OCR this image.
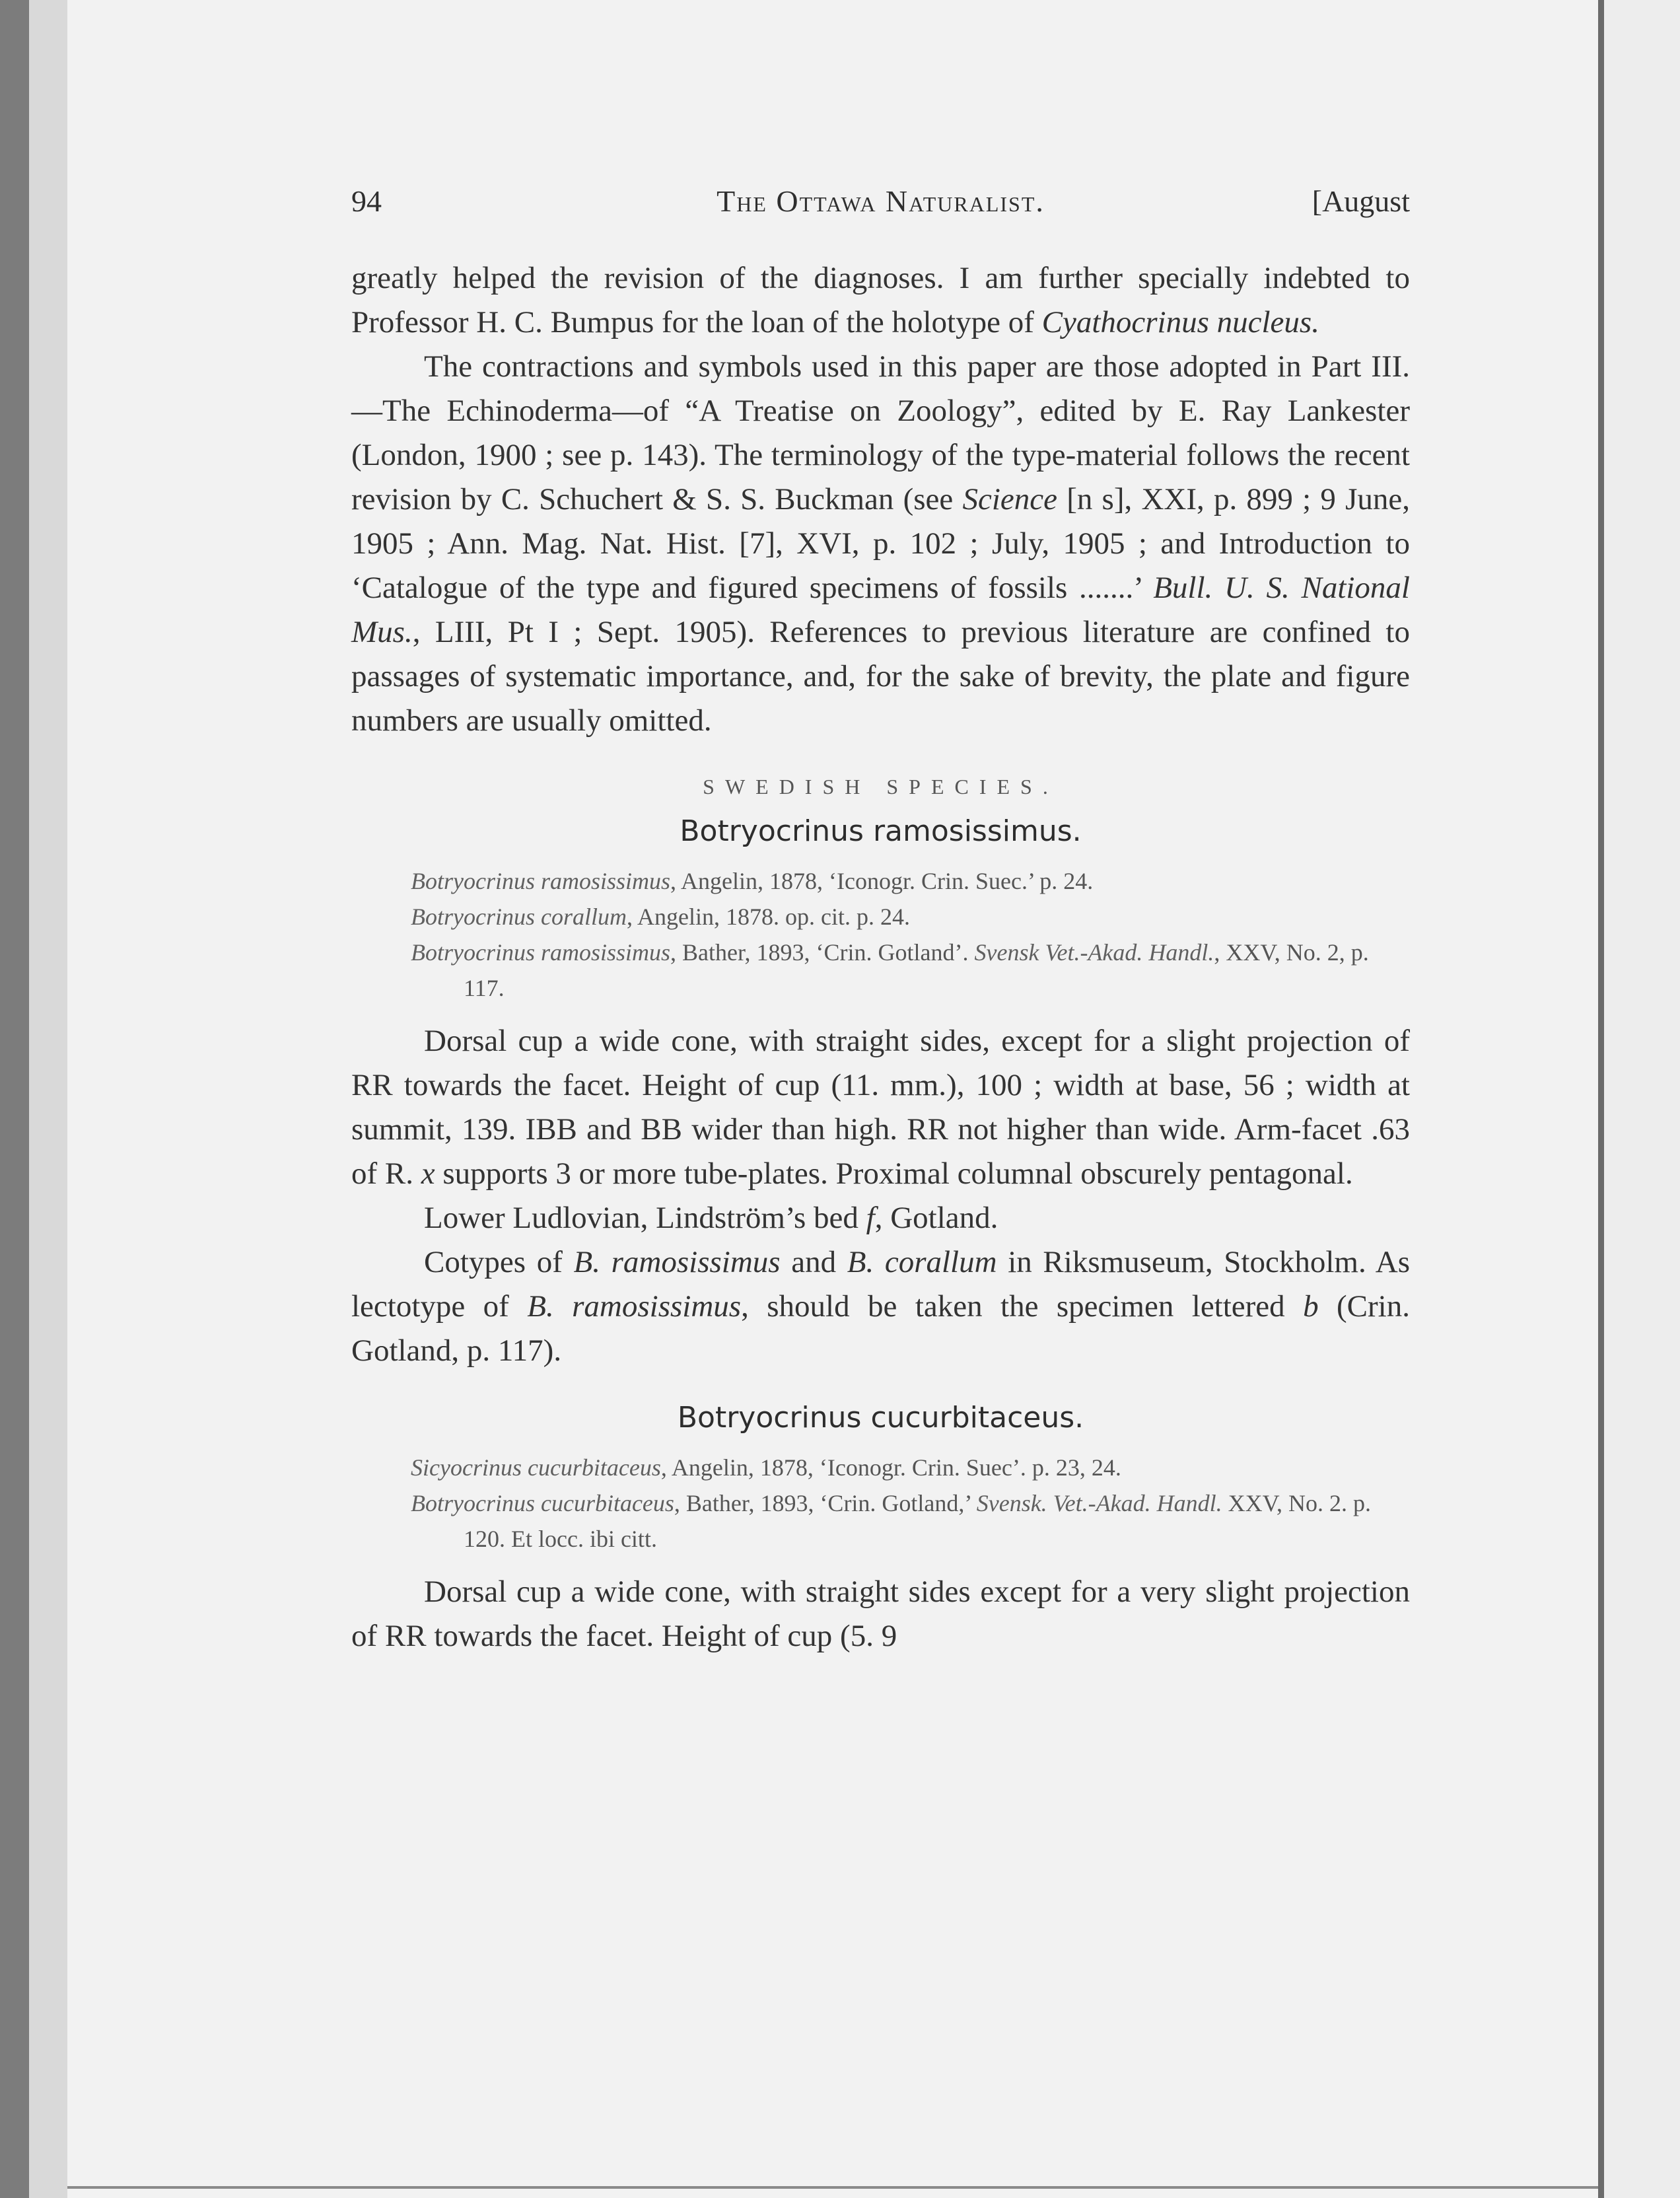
94	The Ottawa Naturalist.	[August

greatly helped the revision of the diagnoses. I am further specially indebted to Professor H. C. Bumpus for the loan of the holotype of Cyathocrinus nucleus.

The contractions and symbols used in this paper are those adopted in Part III.—The Echinoderma—of “A Treatise on Zoology”, edited by E. Ray Lankester (London, 1900 ; see p. 143). The terminology of the type-material follows the recent revision by C. Schuchert & S. S. Buckman (see Science [n s], XXI, p. 899 ; 9 June, 1905 ; Ann. Mag. Nat. Hist. [7], XVI, p. 102 ; July, 1905 ; and Introduction to ‘Catalogue of the type and figured specimens of fossils .......’ Bull. U. S. National Mus., LIII, Pt I ; Sept. 1905). References to previous literature are confined to passages of systematic importance, and, for the sake of brevity, the plate and figure numbers are usually omitted.

SWEDISH SPECIES.
Botryocrinus ramosissimus.
Botryocrinus ramosissimus, Angelin, 1878, ‘Iconogr. Crin. Suec.’ p. 24.
Botryocrinus corallum, Angelin, 1878. op. cit. p. 24.
Botryocrinus ramosissimus, Bather, 1893, ‘Crin. Gotland’. Svensk Vet.-Akad. Handl., XXV, No. 2, p. 117.

Dorsal cup a wide cone, with straight sides, except for a slight projection of RR towards the facet. Height of cup (11. mm.), 100 ; width at base, 56 ; width at summit, 139. IBB and BB wider than high. RR not higher than wide. Arm-facet .63 of R. x supports 3 or more tube-plates. Proximal columnal obscurely pentagonal.

Lower Ludlovian, Lindström’s bed f, Gotland.

Cotypes of B. ramosissimus and B. corallum in Riksmuseum, Stockholm. As lectotype of B. ramosissimus, should be taken the specimen lettered b (Crin. Gotland, p. 117).

Botryocrinus cucurbitaceus.
Sicyocrinus cucurbitaceus, Angelin, 1878, ‘Iconogr. Crin. Suec’. p. 23, 24.
Botryocrinus cucurbitaceus, Bather, 1893, ‘Crin. Gotland,’ Svensk. Vet.-Akad. Handl. XXV, No. 2. p. 120. Et locc. ibi citt.

Dorsal cup a wide cone, with straight sides except for a very slight projection of RR towards the facet. Height of cup (5. 9
